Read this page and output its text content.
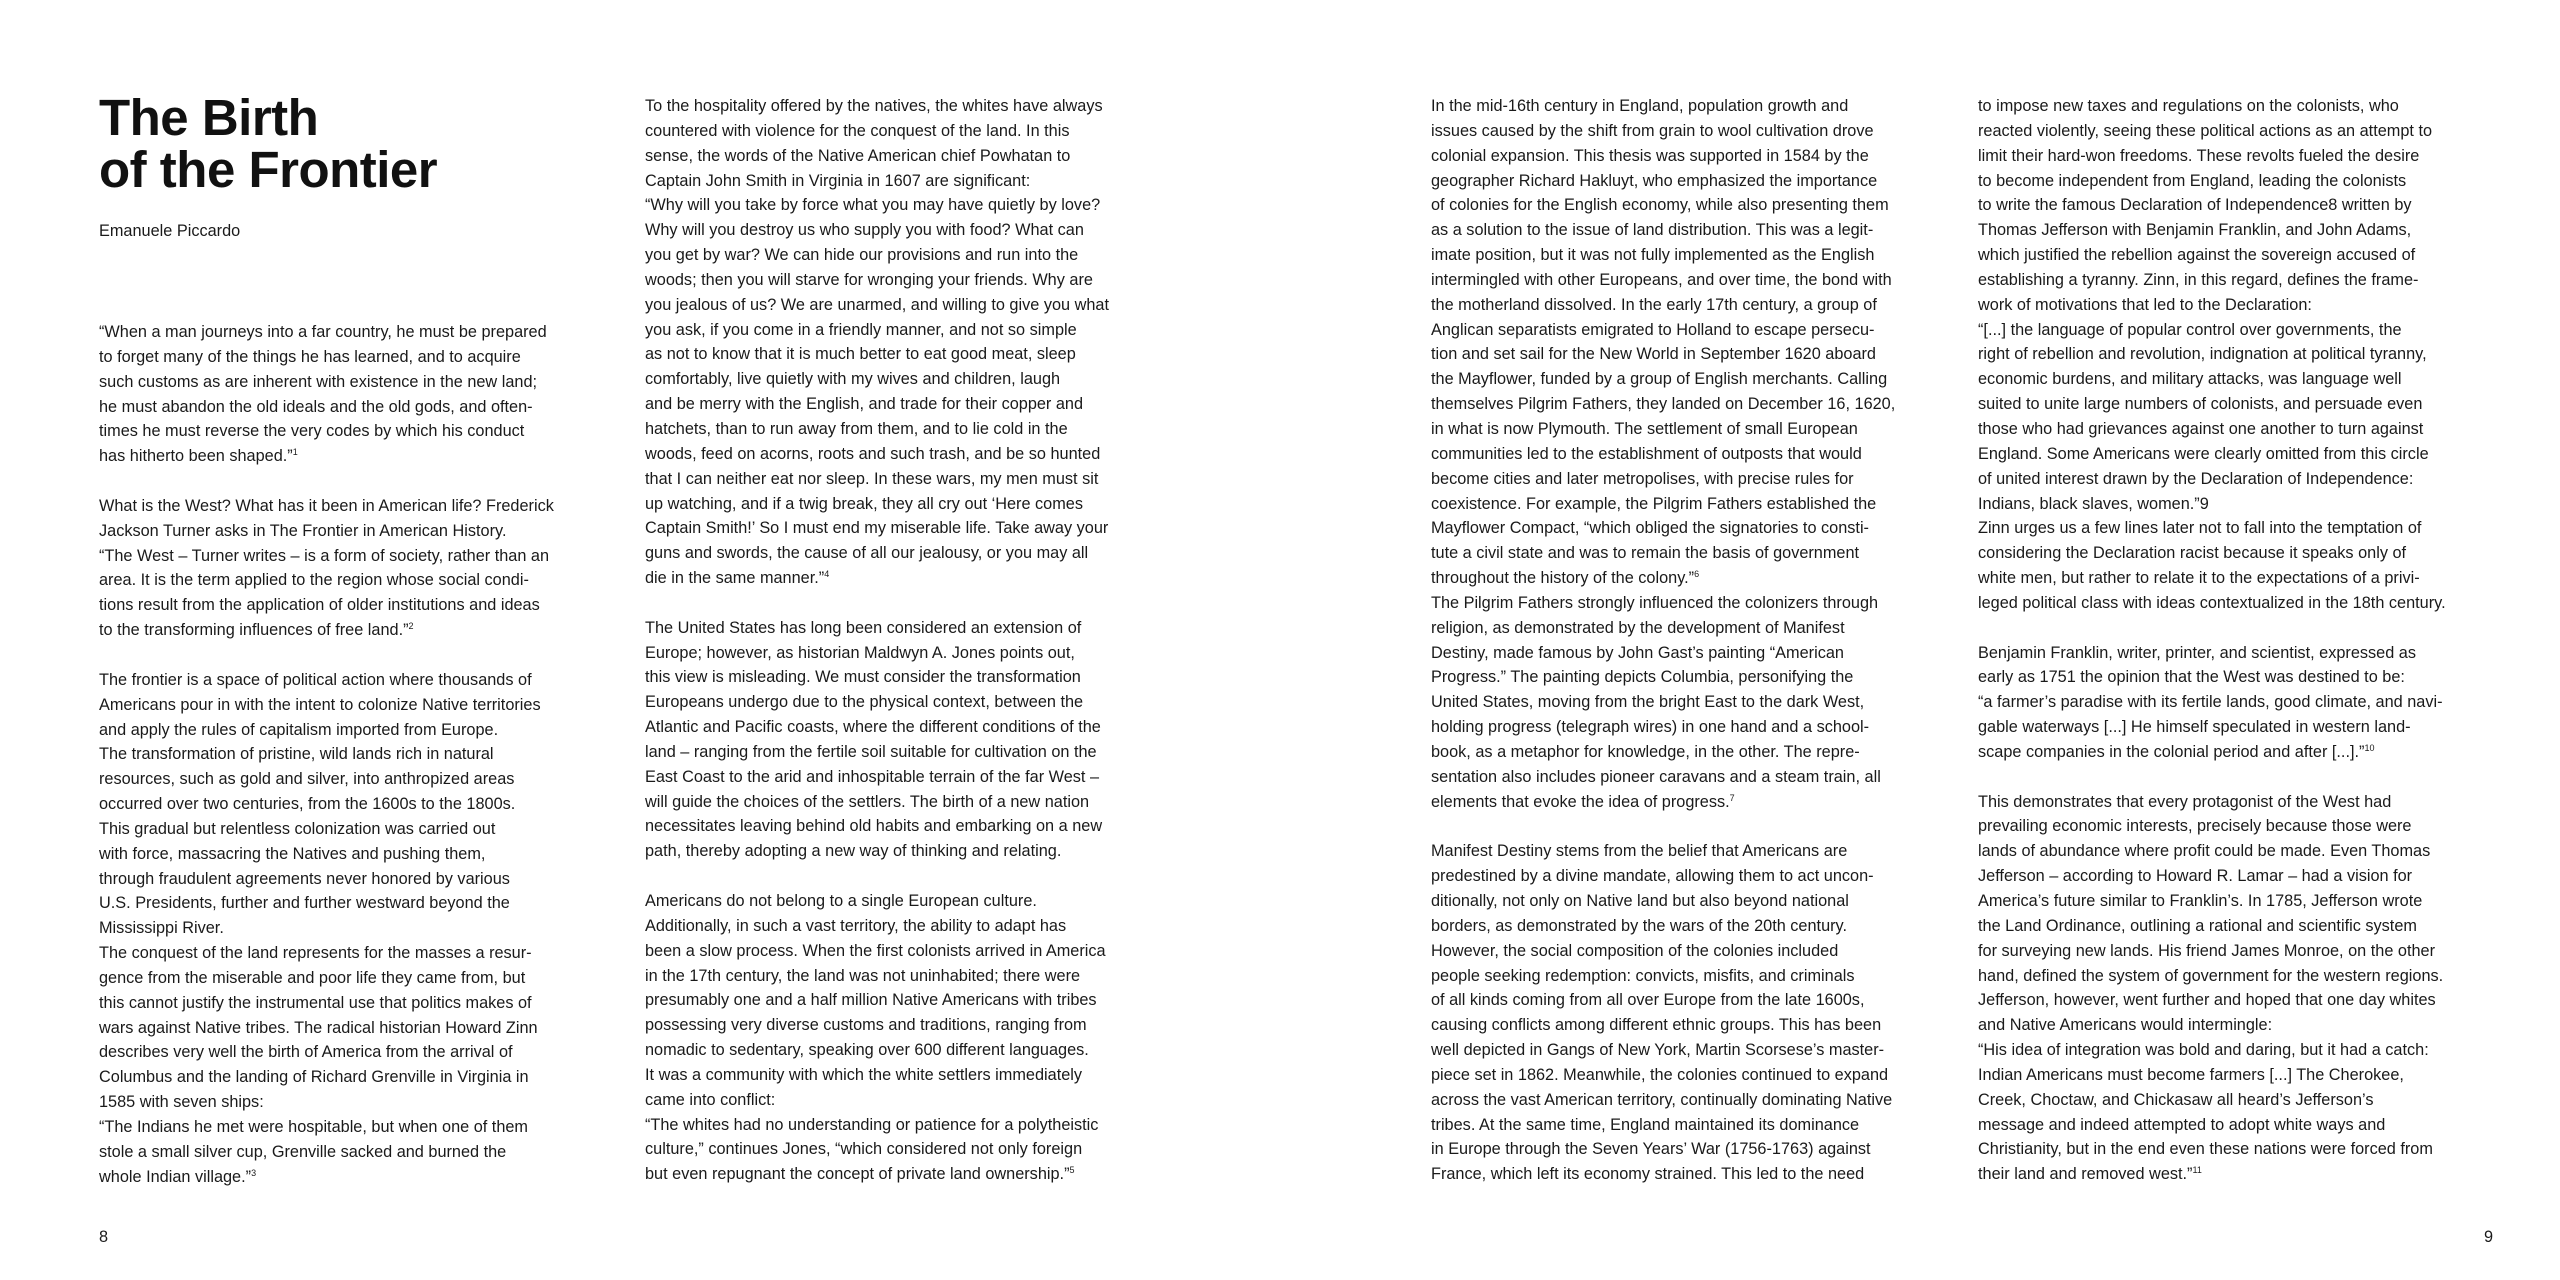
The Birth
of the Frontier
Emanuele Piccardo
“When a man journeys into a far country, he must be prepared
to forget many of the things he has learned, and to acquire
such customs as are inherent with existence in the new land;
he must abandon the old ideals and the old gods, and often-
times he must reverse the very codes by which his conduct
has hitherto been shaped.”$^1$
What is the West? What has it been in American life? Frederick
Jackson Turner asks in The Frontier in American History.
“The West – Turner writes – is a form of society, rather than an
area. It is the term applied to the region whose social condi-
tions result from the application of older institutions and ideas
to the transforming influences of free land.”$^2$
The frontier is a space of political action where thousands of
Americans pour in with the intent to colonize Native territories
and apply the rules of capitalism imported from Europe.
The transformation of pristine, wild lands rich in natural
resources, such as gold and silver, into anthropized areas
occurred over two centuries, from the 1600s to the 1800s.
This gradual but relentless colonization was carried out
with force, massacring the Natives and pushing them,
through fraudulent agreements never honored by various
U.S. Presidents, further and further westward beyond the
Mississippi River.
The conquest of the land represents for the masses a resur-
gence from the miserable and poor life they came from, but
this cannot justify the instrumental use that politics makes of
wars against Native tribes. The radical historian Howard Zinn
describes very well the birth of America from the arrival of
Columbus and the landing of Richard Grenville in Virginia in
1585 with seven ships:
“The Indians he met were hospitable, but when one of them
stole a small silver cup, Grenville sacked and burned the
whole Indian village.”$^3$
To the hospitality offered by the natives, the whites have always
countered with violence for the conquest of the land. In this
sense, the words of the Native American chief Powhatan to
Captain John Smith in Virginia in 1607 are significant:
“Why will you take by force what you may have quietly by love?
Why will you destroy us who supply you with food? What can
you get by war? We can hide our provisions and run into the
woods; then you will starve for wronging your friends. Why are
you jealous of us? We are unarmed, and willing to give you what
you ask, if you come in a friendly manner, and not so simple
as not to know that it is much better to eat good meat, sleep
comfortably, live quietly with my wives and children, laugh
and be merry with the English, and trade for their copper and
hatchets, than to run away from them, and to lie cold in the
woods, feed on acorns, roots and such trash, and be so hunted
that I can neither eat nor sleep. In these wars, my men must sit
up watching, and if a twig break, they all cry out ‘Here comes
Captain Smith!’ So I must end my miserable life. Take away your
guns and swords, the cause of all our jealousy, or you may all
die in the same manner.”$^4$
The United States has long been considered an extension of
Europe; however, as historian Maldwyn A. Jones points out,
this view is misleading. We must consider the transformation
Europeans undergo due to the physical context, between the
Atlantic and Pacific coasts, where the different conditions of the
land – ranging from the fertile soil suitable for cultivation on the
East Coast to the arid and inhospitable terrain of the far West –
will guide the choices of the settlers. The birth of a new nation
necessitates leaving behind old habits and embarking on a new
path, thereby adopting a new way of thinking and relating.
Americans do not belong to a single European culture.
Additionally, in such a vast territory, the ability to adapt has
been a slow process. When the first colonists arrived in America
in the 17th century, the land was not uninhabited; there were
presumably one and a half million Native Americans with tribes
possessing very diverse customs and traditions, ranging from
nomadic to sedentary, speaking over 600 different languages.
It was a community with which the white settlers immediately
came into conflict:
“The whites had no understanding or patience for a polytheistic
culture,” continues Jones, “which considered not only foreign
but even repugnant the concept of private land ownership.”$^5$
In the mid-16th century in England, population growth and
issues caused by the shift from grain to wool cultivation drove
colonial expansion. This thesis was supported in 1584 by the
geographer Richard Hakluyt, who emphasized the importance
of colonies for the English economy, while also presenting them
as a solution to the issue of land distribution. This was a legit-
imate position, but it was not fully implemented as the English
intermingled with other Europeans, and over time, the bond with
the motherland dissolved. In the early 17th century, a group of
Anglican separatists emigrated to Holland to escape persecu-
tion and set sail for the New World in September 1620 aboard
the Mayflower, funded by a group of English merchants. Calling
themselves Pilgrim Fathers, they landed on December 16, 1620,
in what is now Plymouth. The settlement of small European
communities led to the establishment of outposts that would
become cities and later metropolises, with precise rules for
coexistence. For example, the Pilgrim Fathers established the
Mayflower Compact, “which obliged the signatories to consti-
tute a civil state and was to remain the basis of government
throughout the history of the colony.”$^6$
The Pilgrim Fathers strongly influenced the colonizers through
religion, as demonstrated by the development of Manifest
Destiny, made famous by John Gast’s painting “American
Progress.” The painting depicts Columbia, personifying the
United States, moving from the bright East to the dark West,
holding progress (telegraph wires) in one hand and a school-
book, as a metaphor for knowledge, in the other. The repre-
sentation also includes pioneer caravans and a steam train, all
elements that evoke the idea of progress.$^7$
Manifest Destiny stems from the belief that Americans are
predestined by a divine mandate, allowing them to act uncon-
ditionally, not only on Native land but also beyond national
borders, as demonstrated by the wars of the 20th century.
However, the social composition of the colonies included
people seeking redemption: convicts, misfits, and criminals
of all kinds coming from all over Europe from the late 1600s,
causing conflicts among different ethnic groups. This has been
well depicted in Gangs of New York, Martin Scorsese’s master-
piece set in 1862. Meanwhile, the colonies continued to expand
across the vast American territory, continually dominating Native
tribes. At the same time, England maintained its dominance
in Europe through the Seven Years’ War (1756-1763) against
France, which left its economy strained. This led to the need
to impose new taxes and regulations on the colonists, who
reacted violently, seeing these political actions as an attempt to
limit their hard-won freedoms. These revolts fueled the desire
to become independent from England, leading the colonists
to write the famous Declaration of Independence8 written by
Thomas Jefferson with Benjamin Franklin, and John Adams,
which justified the rebellion against the sovereign accused of
establishing a tyranny. Zinn, in this regard, defines the frame-
work of motivations that led to the Declaration:
“[...] the language of popular control over governments, the
right of rebellion and revolution, indignation at political tyranny,
economic burdens, and military attacks, was language well
suited to unite large numbers of colonists, and persuade even
those who had grievances against one another to turn against
England. Some Americans were clearly omitted from this circle
of united interest drawn by the Declaration of Independence:
Indians, black slaves, women.”9
Zinn urges us a few lines later not to fall into the temptation of
considering the Declaration racist because it speaks only of
white men, but rather to relate it to the expectations of a privi-
leged political class with ideas contextualized in the 18th century.
Benjamin Franklin, writer, printer, and scientist, expressed as
early as 1751 the opinion that the West was destined to be:
“a farmer’s paradise with its fertile lands, good climate, and navi-
gable waterways [...] He himself speculated in western land-
scape companies in the colonial period and after [...].”$^{10}$
This demonstrates that every protagonist of the West had
prevailing economic interests, precisely because those were
lands of abundance where profit could be made. Even Thomas
Jefferson – according to Howard R. Lamar – had a vision for
America’s future similar to Franklin’s. In 1785, Jefferson wrote
the Land Ordinance, outlining a rational and scientific system
for surveying new lands. His friend James Monroe, on the other
hand, defined the system of government for the western regions.
Jefferson, however, went further and hoped that one day whites
and Native Americans would intermingle:
“His idea of integration was bold and daring, but it had a catch:
Indian Americans must become farmers [...] The Cherokee,
Creek, Choctaw, and Chickasaw all heard’s Jefferson’s
message and indeed attempted to adopt white ways and
Christianity, but in the end even these nations were forced from
their land and removed west.”$^{11}$
8	9
